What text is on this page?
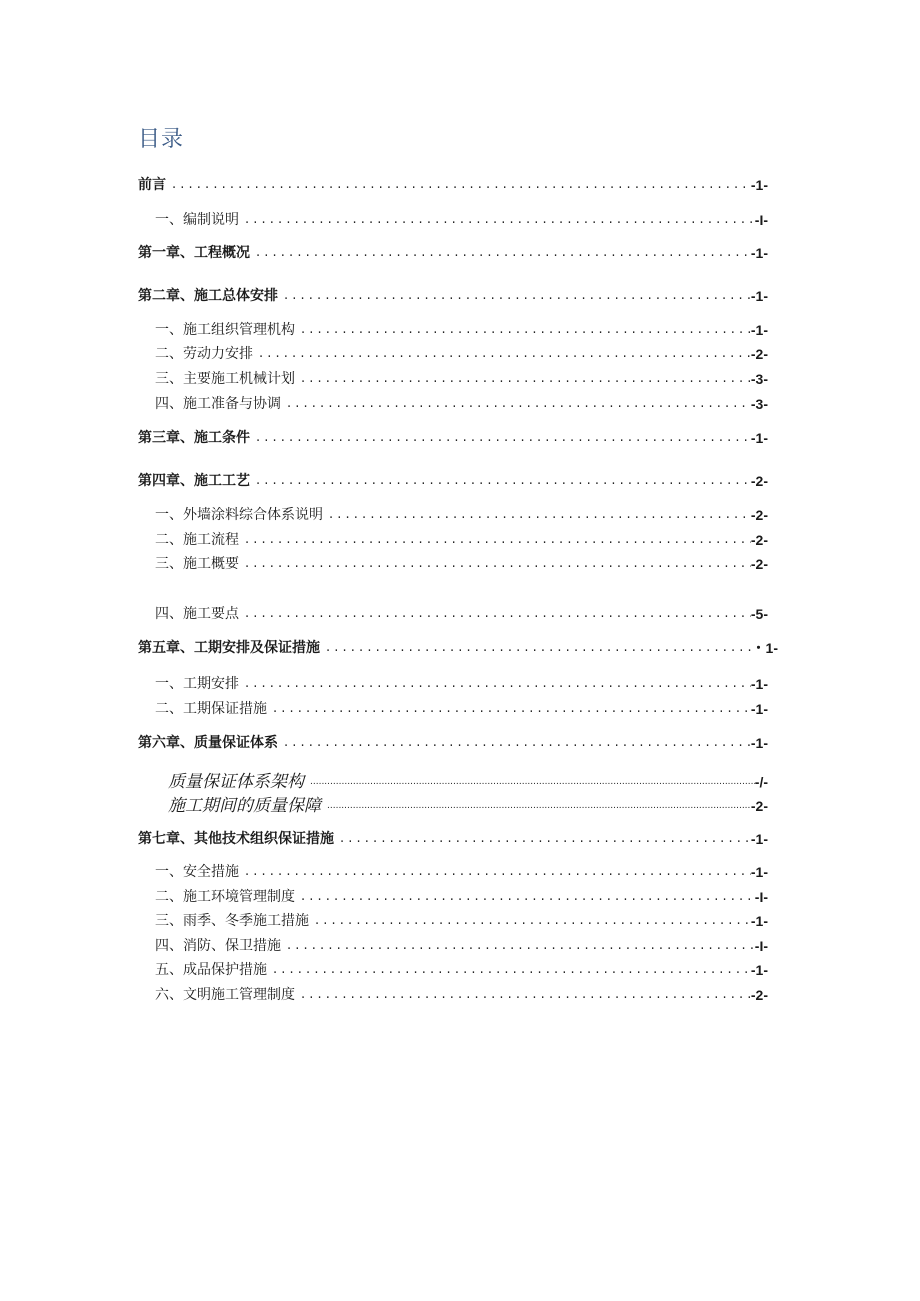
目录
前言 . . .	-1-
一、编制说明 . . .	-I-
第一章、工程概况 . . .	-1-
第二章、施工总体安排 . . .	-1-
一、施工组织管理机构 . . .	-1-
二、劳动力安排 . . .	-2-
三、主要施工机械计划 . . .	-3-
四、施工准备与协调 . . .	-3-
第三章、施工条件 . . .	-1-
第四章、施工工艺 . . .	-2-
一、外墙涂料综合体系说明 . . .	-2-
二、施工流程 . . .	-2-
三、施工概要 . . .	-2-
四、施工要点 . . .	-5-
第五章、工期安排及保证措施 . . .	・1-
一、工期安排 . . .	-1-
二、工期保证措施 . . .	-1-
第六章、质量保证体系 . . .	-1-
质量保证体系架构 .....	-/-
施工期间的质量保障 .....	-2-
第七章、其他技术组织保证措施 . . .	-1-
一、安全措施 . . .	-1-
二、施工环境管理制度 . . .	-I-
三、雨季、冬季施工措施 . . .	-1-
四、消防、保卫措施 . . .	-I-
五、成品保护措施 . . .	-1-
六、文明施工管理制度 . . .	-2-
